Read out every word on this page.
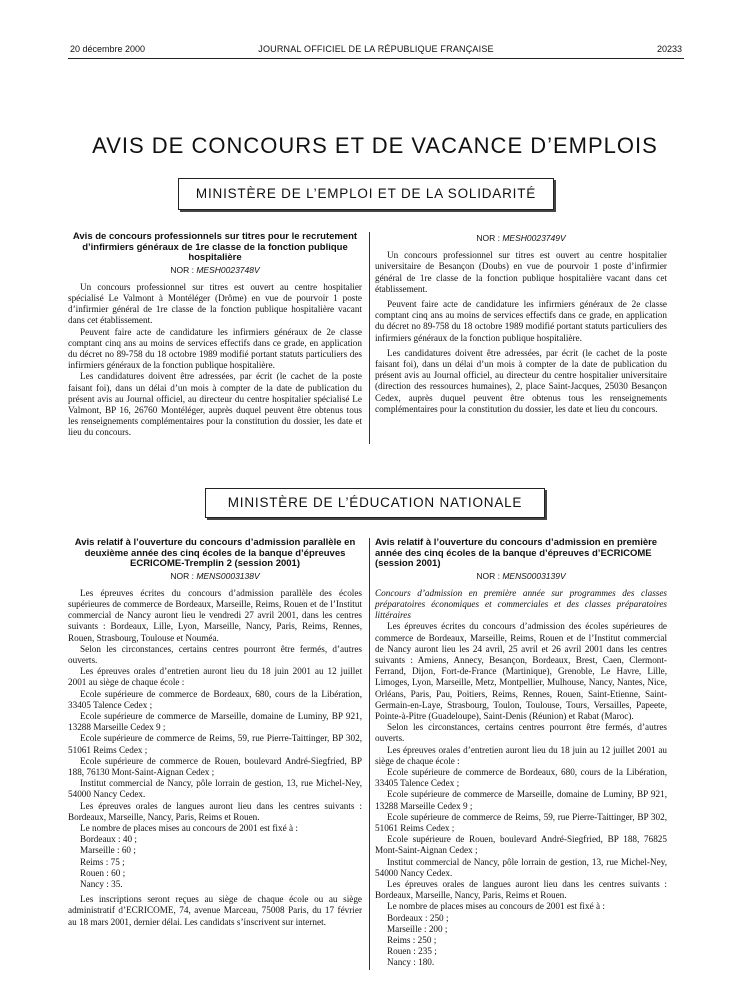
20 décembre 2000	JOURNAL OFFICIEL DE LA RÉPUBLIQUE FRANÇAISE	20233
AVIS DE CONCOURS ET DE VACANCE D’EMPLOIS
MINISTÈRE DE L’EMPLOI ET DE LA SOLIDARITÉ

Avis de concours professionnels sur titres pour le recrutement d’infirmiers généraux de 1re classe de la fonction publique hospitalière

NOR : MESH0023748V

Un concours professionnel sur titres est ouvert au centre hospitalier spécialisé Le Valmont à Montéléger (Drôme) en vue de pourvoir 1 poste d’infirmier général de 1re classe de la fonction publique hospitalière vacant dans cet établissement.

Peuvent faire acte de candidature les infirmiers généraux de 2e classe comptant cinq ans au moins de services effectifs dans ce grade, en application du décret no 89-758 du 18 octobre 1989 modifié portant statuts particuliers des infirmiers généraux de la fonction publique hospitalière.

Les candidatures doivent être adressées, par écrit (le cachet de la poste faisant foi), dans un délai d’un mois à compter de la date de publication du présent avis au Journal officiel, au directeur du centre hospitalier spécialisé Le Valmont, BP 16, 26760 Montéléger, auprès duquel peuvent être obtenus tous les renseignements complémentaires pour la constitution du dossier, les date et lieu du concours.

NOR : MESH0023749V

Un concours professionnel sur titres est ouvert au centre hospitalier universitaire de Besançon (Doubs) en vue de pourvoir 1 poste d’infirmier général de 1re classe de la fonction publique hospitalière vacant dans cet établissement.

Peuvent faire acte de candidature les infirmiers généraux de 2e classe comptant cinq ans au moins de services effectifs dans ce grade, en application du décret no 89-758 du 18 octobre 1989 modifié portant statuts particuliers des infirmiers généraux de la fonction publique hospitalière.

Les candidatures doivent être adressées, par écrit (le cachet de la poste faisant foi), dans un délai d’un mois à compter de la date de publication du présent avis au Journal officiel, au directeur du centre hospitalier universitaire (direction des ressources humaines), 2, place Saint-Jacques, 25030 Besançon Cedex, auprès duquel peuvent être obtenus tous les renseignements complémentaires pour la constitution du dossier, les date et lieu du concours.

MINISTÈRE DE L’ÉDUCATION NATIONALE

Avis relatif à l’ouverture du concours d’admission parallèle en deuxième année des cinq écoles de la banque d’épreuves ECRICOME-Tremplin 2 (session 2001)

NOR : MENS0003138V

Les épreuves écrites du concours d’admission parallèle des écoles supérieures de commerce de Bordeaux, Marseille, Reims, Rouen et de l’Institut commercial de Nancy auront lieu le vendredi 27 avril 2001, dans les centres suivants : Bordeaux, Lille, Lyon, Marseille, Nancy, Paris, Reims, Rennes, Rouen, Strasbourg, Toulouse et Nouméa.

Selon les circonstances, certains centres pourront être fermés, d’autres ouverts.

Les épreuves orales d’entretien auront lieu du 18 juin 2001 au 12 juillet 2001 au siège de chaque école :

Ecole supérieure de commerce de Bordeaux, 680, cours de la Libération, 33405 Talence Cedex ;

Ecole supérieure de commerce de Marseille, domaine de Luminy, BP 921, 13288 Marseille Cedex 9 ;

Ecole supérieure de commerce de Reims, 59, rue Pierre-Taittinger, BP 302, 51061 Reims Cedex ;

Ecole supérieure de commerce de Rouen, boulevard André-Siegfried, BP 188, 76130 Mont-Saint-Aignan Cedex ;

Institut commercial de Nancy, pôle lorrain de gestion, 13, rue Michel-Ney, 54000 Nancy Cedex.

Les épreuves orales de langues auront lieu dans les centres suivants : Bordeaux, Marseille, Nancy, Paris, Reims et Rouen.

Le nombre de places mises au concours de 2001 est fixé à :

Bordeaux : 40 ;

Marseille : 60 ;

Reims : 75 ;

Rouen : 60 ;

Nancy : 35.

Les inscriptions seront reçues au siège de chaque école ou au siège administratif d’ECRICOME, 74, avenue Marceau, 75008 Paris, du 17 février au 18 mars 2001, dernier délai. Les candidats s’inscrivent sur internet.

Avis relatif à l’ouverture du concours d’admission en première année des cinq écoles de la banque d’épreuves d’ECRICOME (session 2001)

NOR : MENS0003139V

Concours d’admission en première année sur programmes des classes préparatoires économiques et commerciales et des classes préparatoires littéraires

Les épreuves écrites du concours d’admission des écoles supérieures de commerce de Bordeaux, Marseille, Reims, Rouen et de l’Institut commercial de Nancy auront lieu les 24 avril, 25 avril et 26 avril 2001 dans les centres suivants : Amiens, Annecy, Besançon, Bordeaux, Brest, Caen, Clermont-Ferrand, Dijon, Fort-de-France (Martinique), Grenoble, Le Havre, Lille, Limoges, Lyon, Marseille, Metz, Montpellier, Mulhouse, Nancy, Nantes, Nice, Orléans, Paris, Pau, Poitiers, Reims, Rennes, Rouen, Saint-Etienne, Saint-Germain-en-Laye, Strasbourg, Toulon, Toulouse, Tours, Versailles, Papeete, Pointe-à-Pitre (Guadeloupe), Saint-Denis (Réunion) et Rabat (Maroc).

Selon les circonstances, certains centres pourront être fermés, d’autres ouverts.

Les épreuves orales d’entretien auront lieu du 18 juin au 12 juillet 2001 au siège de chaque école :

Ecole supérieure de commerce de Bordeaux, 680, cours de la Libération, 33405 Talence Cedex ;

Ecole supérieure de commerce de Marseille, domaine de Luminy, BP 921, 13288 Marseille Cedex 9 ;

Ecole supérieure de commerce de Reims, 59, rue Pierre-Taittinger, BP 302, 51061 Reims Cedex ;

Ecole supérieure de Rouen, boulevard André-Siegfried, BP 188, 76825 Mont-Saint-Aignan Cedex ;

Institut commercial de Nancy, pôle lorrain de gestion, 13, rue Michel-Ney, 54000 Nancy Cedex.

Les épreuves orales de langues auront lieu dans les centres suivants : Bordeaux, Marseille, Nancy, Paris, Reims et Rouen.

Le nombre de places mises au concours de 2001 est fixé à :

Bordeaux : 250 ;

Marseille : 200 ;

Reims : 250 ;

Rouen : 235 ;

Nancy : 180.
